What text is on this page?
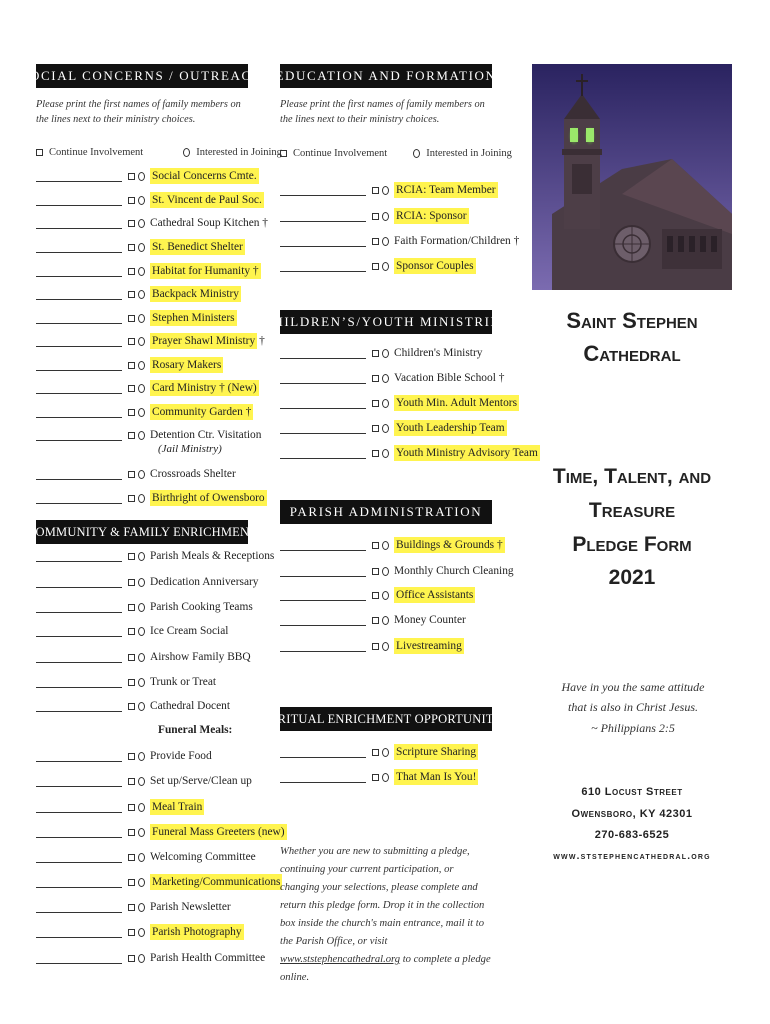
SOCIAL CONCERNS / OUTREACH
Please print the first names of family members on the lines next to their ministry choices.
Continue Involvement	Interested in Joining
Social Concerns Cmte.
St. Vincent de Paul Soc.
Cathedral Soup Kitchen †
St. Benedict Shelter
Habitat for Humanity †
Backpack Ministry
Stephen Ministers
Prayer Shawl Ministry †
Rosary Makers
Card Ministry † (New)
Community Garden †
Detention Ctr. Visitation
Crossroads Shelter
Birthright of Owensboro
(Jail Ministry)
COMMUNITY & FAMILY ENRICHMENT
Parish Meals & Receptions
Dedication Anniversary
Parish Cooking Teams
Ice Cream Social
Airshow Family BBQ
Trunk or Treat
Cathedral Docent
Funeral Meals:
Provide Food
Set up/Serve/Clean up
Meal Train
Funeral Mass Greeters (new)
Welcoming Committee
Marketing/Communications
Parish Newsletter
Parish Photography
Parish Health Committee
EDUCATION AND FORMATION
Please print the first names of family members on the lines next to their ministry choices.
Continue Involvement	Interested in Joining
RCIA: Team Member
RCIA: Sponsor
Faith Formation/Children †
Sponsor Couples
CHILDREN’S/YOUTH MINISTRIES
Children's Ministry
Vacation Bible School †
Youth Min. Adult Mentors
Youth Leadership Team
Youth Ministry Advisory Team
PARISH ADMINISTRATION
Buildings & Grounds †
Monthly Church Cleaning
Office Assistants
Money Counter
Livestreaming
SPIRITUAL ENRICHMENT OPPORTUNITIES
Scripture Sharing
That Man Is You!
Whether you are new to submitting a pledge, continuing your current participation, or changing your selections, please complete and return this pledge form. Drop it in the collection box inside the church's main entrance, mail it to the Parish Office, or visit www.ststephencathedral.org to complete a pledge online.
Saint Stephen
Cathedral
Time, Talent, and
Treasure
Pledge Form
2021
Have in you the same attitude
that is also in Christ Jesus.
~ Philippians 2:5
610 Locust Street
Owensboro, KY 42301
270-683-6525
www.ststephencathedral.org
